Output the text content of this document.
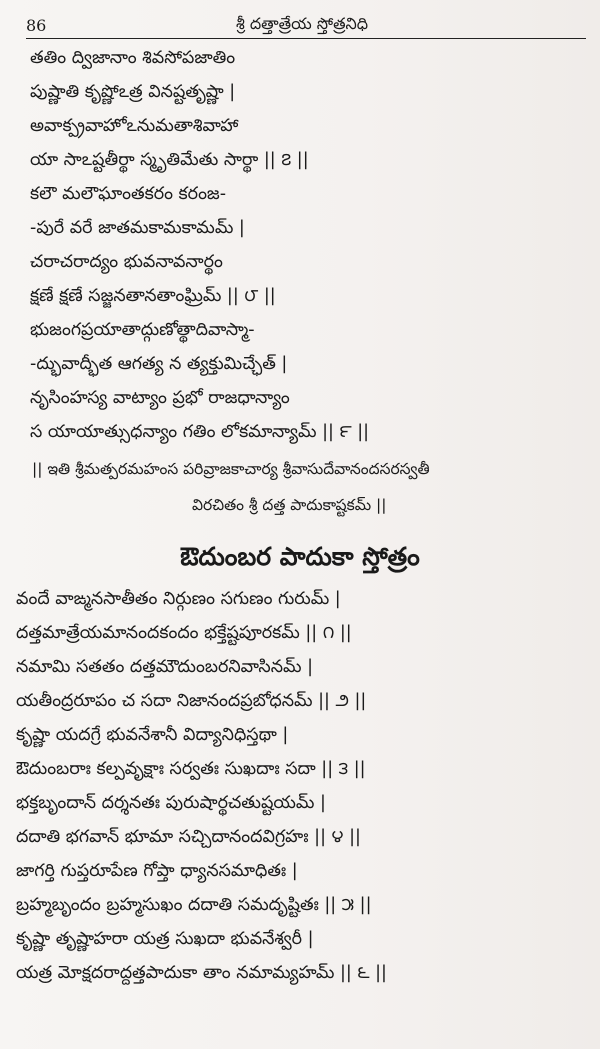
86	శ్రీ దత్తాత్రేయ స్తోత్రనిధి
తతిం ద్విజానాం శివసోపజాతిం
పుష్ణాతి కృష్ణోఽత్ర వినష్టతృష్ణా |
అవాక్ప్రవాహోఽనుమతాశివాహా
యా సాఽష్టతీర్థా స్మృతిమేతు సార్థా || ౭ ||
కలౌ మలౌఘాంతకరం కరంజ-
-పురే వరే జాతమకామకామమ్ |
చరాచరాద్యం భువనావనార్థం
క్షణే క్షణే సజ్జనతానతాంఘ్రిమ్ || ౮ ||
భుజంగప్రయాతాద్గుణోత్థాదివాస్మా-
-ద్భువాద్భీత ఆగత్య న త్యక్తుమిచ్ఛేత్ |
నృసింహస్య వాట్యాం ప్రభో రాజధాన్యాం
స యాయాత్సుధన్యాం గతిం లోకమాన్యామ్ || ౯ ||
|| ఇతి శ్రీమత్పరమహంస పరివ్రాజకాచార్య శ్రీవాసుదేవానందసరస్వతీ
విరచితం శ్రీ దత్త పాదుకాష్టకమ్ ||
ఔదుంబర పాదుకా స్తోత్రం
వందే వాఙ్మనసాతీతం నిర్గుణం సగుణం గురుమ్ |
దత్తమాత్రేయమానందకందం భక్తేష్టపూరకమ్ || ౧ ||
నమామి సతతం దత్తమౌదుంబరనివాసినమ్ |
యతీంద్రరూపం చ సదా నిజానందప్రబోధనమ్ || ౨ ||
కృష్ణా యదగ్రే భువనేశానీ విద్యానిధిస్తథా |
ఔదుంబరాః కల్పవృక్షాః సర్వతః సుఖదాః సదా || ౩ ||
భక్తబృందాన్ దర్శనతః పురుషార్థచతుష్టయమ్ |
దదాతి భగవాన్ భూమా సచ్చిదానందవిగ్రహః || ౪ ||
జాగర్తి గుప్తరూపేణ గోప్తా ధ్యానసమాధితః |
బ్రహ్మబృందం బ్రహ్మసుఖం దదాతి సమదృష్టితః || ౫ ||
కృష్ణా తృష్ణాహరా యత్ర సుఖదా భువనేశ్వరీ |
యత్ర మోక్షదరాద్దత్తపాదుకా తాం నమామ్యహమ్ || ౬ ||
